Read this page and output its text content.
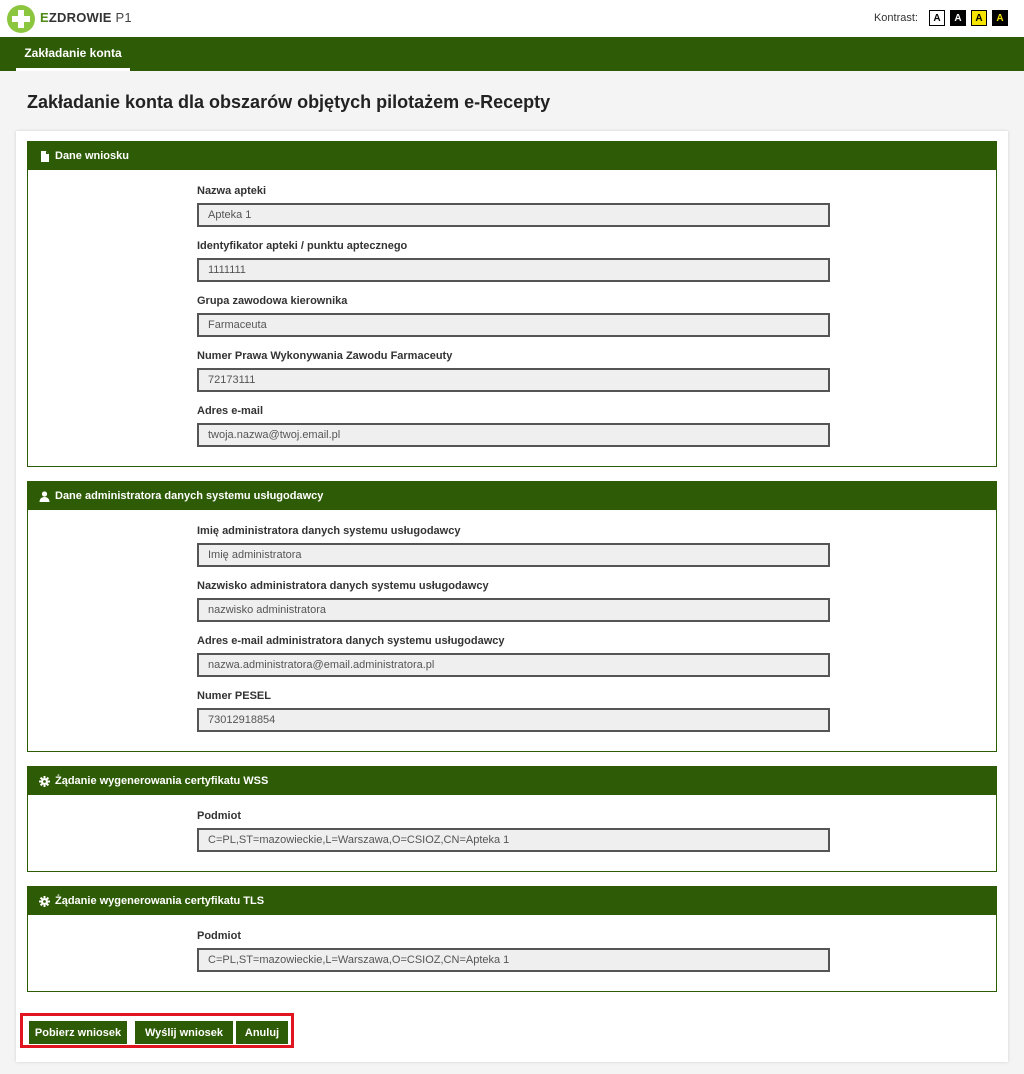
EZDROWIE P1	Kontrast:	A	A	A	A
Zakładanie konta
Zakładanie konta dla obszarów objętych pilotażem e-Recepty
Dane wniosku
Nazwa apteki
Apteka 1
Identyfikator apteki / punktu aptecznego
1111111
Grupa zawodowa kierownika
Farmaceuta
Numer Prawa Wykonywania Zawodu Farmaceuty
72173111
Adres e-mail
twoja.nazwa@twoj.email.pl
Dane administratora danych systemu usługodawcy
Imię administratora danych systemu usługodawcy
Imię administratora
Nazwisko administratora danych systemu usługodawcy
nazwisko administratora
Adres e-mail administratora danych systemu usługodawcy
nazwa.administratora@email.administratora.pl
Numer PESEL
73012918854
Żądanie wygenerowania certyfikatu WSS
Podmiot
C=PL,ST=mazowieckie,L=Warszawa,O=CSIOZ,CN=Apteka 1
Żądanie wygenerowania certyfikatu TLS
Podmiot
C=PL,ST=mazowieckie,L=Warszawa,O=CSIOZ,CN=Apteka 1
Pobierz wniosek	Wyślij wniosek	Anuluj
